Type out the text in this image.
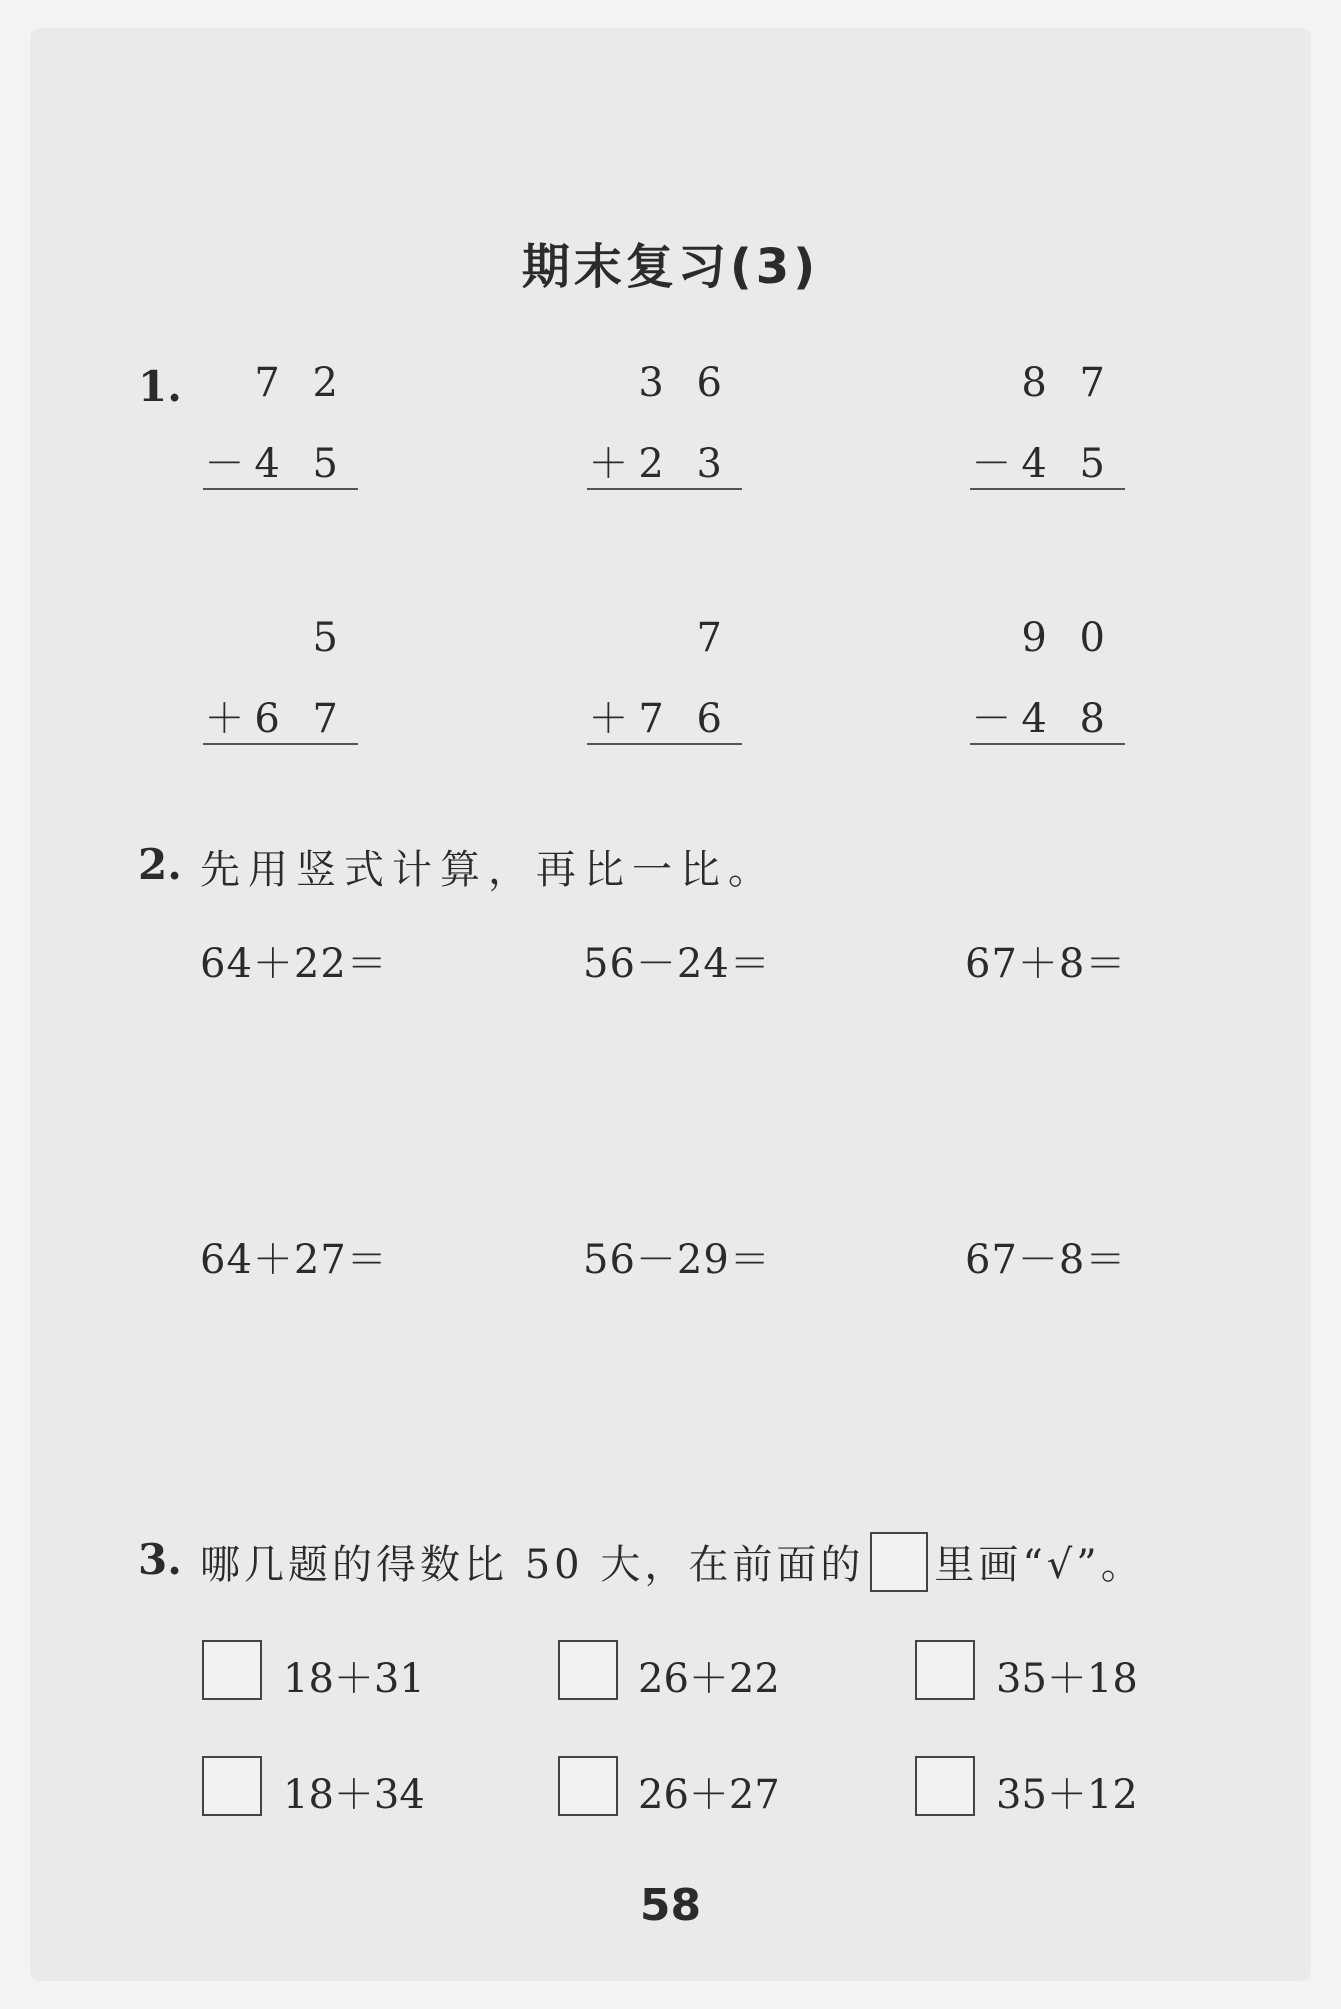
期末复习(3)
1. 7 2
－4 5
3 6
＋2 3
8 7
－4 5
5
＋6 7
7
＋7 6
9 0
－4 8
2. 先用竖式计算，再比一比。
64＋22＝	56－24＝	67＋8＝
64＋27＝	56－29＝	67－8＝
3. 哪几题的得数比 50 大，在前面的 里画“√”。
18＋31	26＋22	35＋18
18＋34	26＋27	35＋12
58
